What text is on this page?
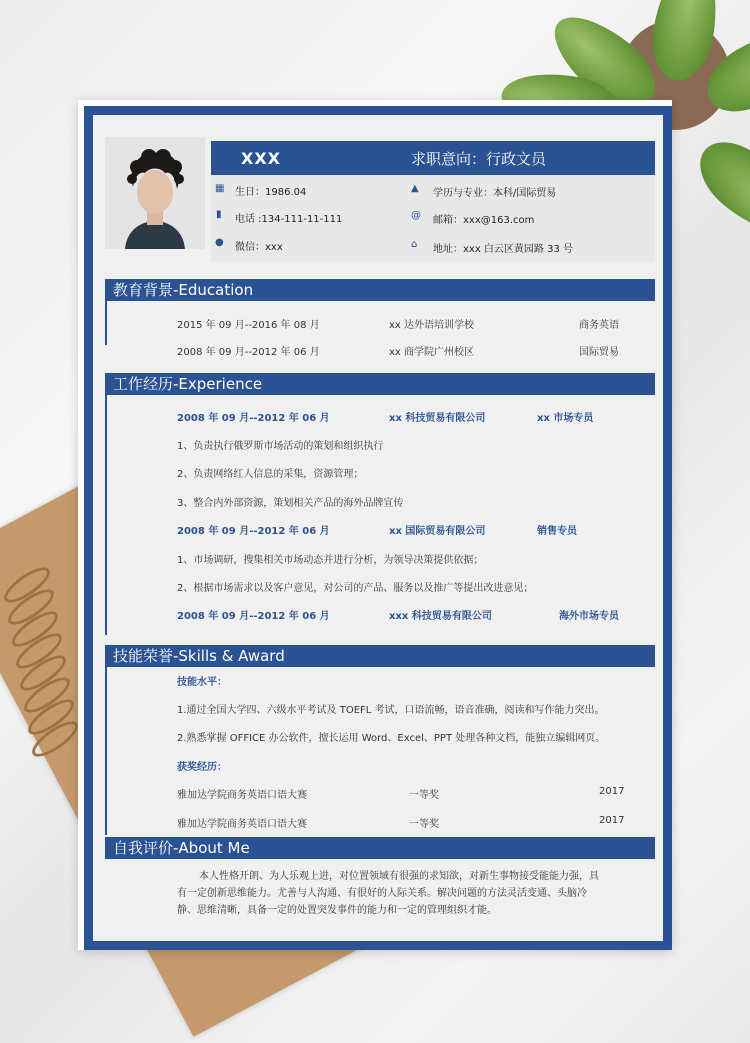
XXX	求职意向：行政文员
▦ 生日：1986.04	▲ 学历与专业：本科/国际贸易
▮ 电话 :134-111-11-111	@ 邮箱：xxx@163.com
● 微信：xxx	⌂ 地址：xxx 白云区黄园路 33 号
教育背景-Education
2015 年 09 月--2016 年 08 月	xx 达外语培训学校	商务英语
2008 年 09 月--2012 年 06 月	xx 商学院广州校区	国际贸易
工作经历-Experience
2008 年 09 月--2012 年 06 月	xx 科技贸易有限公司	xx 市场专员
1、负责执行俄罗斯市场活动的策划和组织执行
2、负责网络红人信息的采集，资源管理；
3、整合内外部资源，策划相关产品的海外品牌宣传
2008 年 09 月--2012 年 06 月	xx 国际贸易有限公司	销售专员
1、市场调研，搜集相关市场动态并进行分析，为领导决策提供依据；
2、根据市场需求以及客户意见，对公司的产品、服务以及推广等提出改进意见；
2008 年 09 月--2012 年 06 月	xxx 科技贸易有限公司	海外市场专员
技能荣誉-Skills & Award
技能水平：
1.通过全国大学四、六级水平考试及 TOEFL 考试，口语流畅，语音准确，阅读和写作能力突出。
2.熟悉掌握 OFFICE 办公软件，擅长运用 Word、Excel、PPT 处理各种文档，能独立编辑网页。
获奖经历：
雅加达学院商务英语口语大赛	一等奖	2017
雅加达学院商务英语口语大赛	一等奖	2017
自我评价-About Me
本人性格开朗、为人乐观上进，对位置领域有很强的求知欲，对新生事物接受能能力强，具
有一定创新思维能力。尤善与人沟通、有很好的人际关系。解决问题的方法灵活变通、头脑冷
静、思维清晰，具备一定的处置突发事件的能力和一定的管理组织才能。
